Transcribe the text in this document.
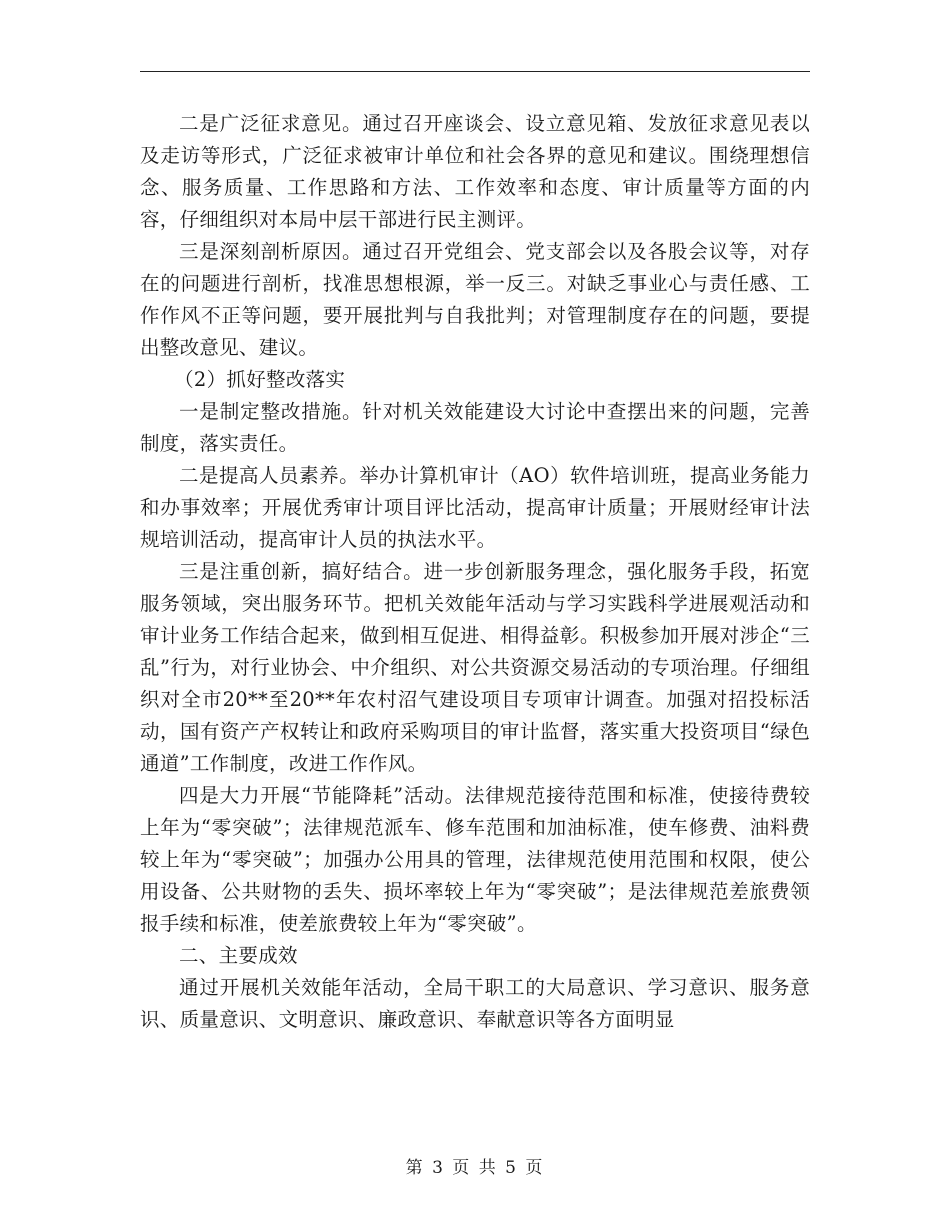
二是广泛征求意见。通过召开座谈会、设立意见箱、发放征求意见表以及走访等形式，广泛征求被审计单位和社会各界的意见和建议。围绕理想信念、服务质量、工作思路和方法、工作效率和态度、审计质量等方面的内容，仔细组织对本局中层干部进行民主测评。

三是深刻剖析原因。通过召开党组会、党支部会以及各股会议等，对存在的问题进行剖析，找准思想根源，举一反三。对缺乏事业心与责任感、工作作风不正等问题，要开展批判与自我批判；对管理制度存在的问题，要提出整改意见、建议。

（2）抓好整改落实

一是制定整改措施。针对机关效能建设大讨论中查摆出来的问题，完善制度，落实责任。

二是提高人员素养。举办计算机审计（AO）软件培训班，提高业务能力和办事效率；开展优秀审计项目评比活动，提高审计质量；开展财经审计法规培训活动，提高审计人员的执法水平。

三是注重创新，搞好结合。进一步创新服务理念，强化服务手段，拓宽服务领域，突出服务环节。把机关效能年活动与学习实践科学进展观活动和审计业务工作结合起来，做到相互促进、相得益彰。积极参加开展对涉企“三乱”行为，对行业协会、中介组织、对公共资源交易活动的专项治理。仔细组织对全市20**至20**年农村沼气建设项目专项审计调查。加强对招投标活动，国有资产产权转让和政府采购项目的审计监督，落实重大投资项目“绿色通道”工作制度，改进工作作风。

四是大力开展“节能降耗”活动。法律规范接待范围和标准，使接待费较上年为“零突破”；法律规范派车、修车范围和加油标准，使车修费、油料费较上年为“零突破”；加强办公用具的管理，法律规范使用范围和权限，使公用设备、公共财物的丢失、损坏率较上年为“零突破”；是法律规范差旅费领报手续和标准，使差旅费较上年为“零突破”。

二、主要成效

通过开展机关效能年活动，全局干职工的大局意识、学习意识、服务意识、质量意识、文明意识、廉政意识、奉献意识等各方面明显

第 3 页 共 5 页
